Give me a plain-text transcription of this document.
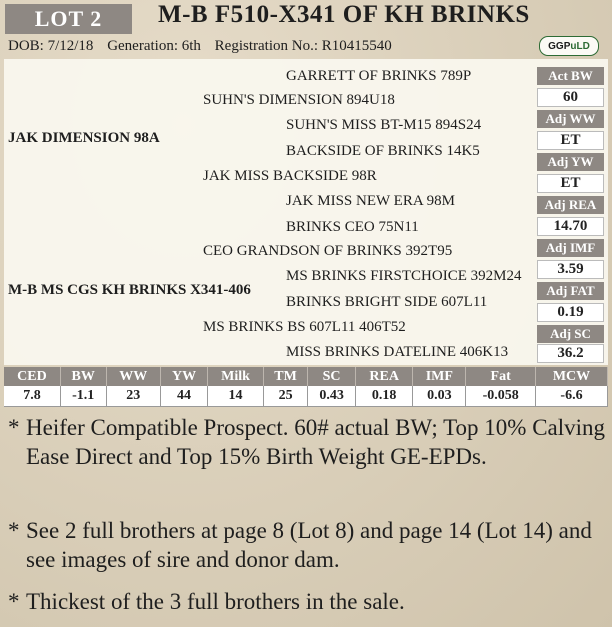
LOT 2	M-B F510-X341 OF KH BRINKS
DOB: 7/12/18 Generation: 6th Registration No.: R10415540	GGP uLD
GARRETT OF BRINKS 789P
SUHN'S DIMENSION 894U18
SUHN'S MISS BT-M15 894S24
JAK DIMENSION 98A
BACKSIDE OF BRINKS 14K5
JAK MISS BACKSIDE 98R
JAK MISS NEW ERA 98M
BRINKS CEO 75N11
CEO GRANDSON OF BRINKS 392T95
MS BRINKS FIRSTCHOICE 392M24
M-B MS CGS KH BRINKS X341-406
BRINKS BRIGHT SIDE 607L11
MS BRINKS BS 607L11 406T52
MISS BRINKS DATELINE 406K13
Act BW
60
Adj WW
ET
Adj YW
ET
Adj REA
14.70
Adj IMF
3.59
Adj FAT
0.19
Adj SC
36.2
CED	BW	WW	YW	Milk	TM	SC	REA	IMF	Fat	MCW
7.8	-1.1	23	44	14	25	0.43	0.18	0.03	-0.058	-6.6
* Heifer Compatible Prospect. 60# actual BW; Top 10% Calving Ease Direct and Top 15% Birth Weight GE-EPDs.
* See 2 full brothers at page 8 (Lot 8) and page 14 (Lot 14) and see images of sire and donor dam.
* Thickest of the 3 full brothers in the sale.
